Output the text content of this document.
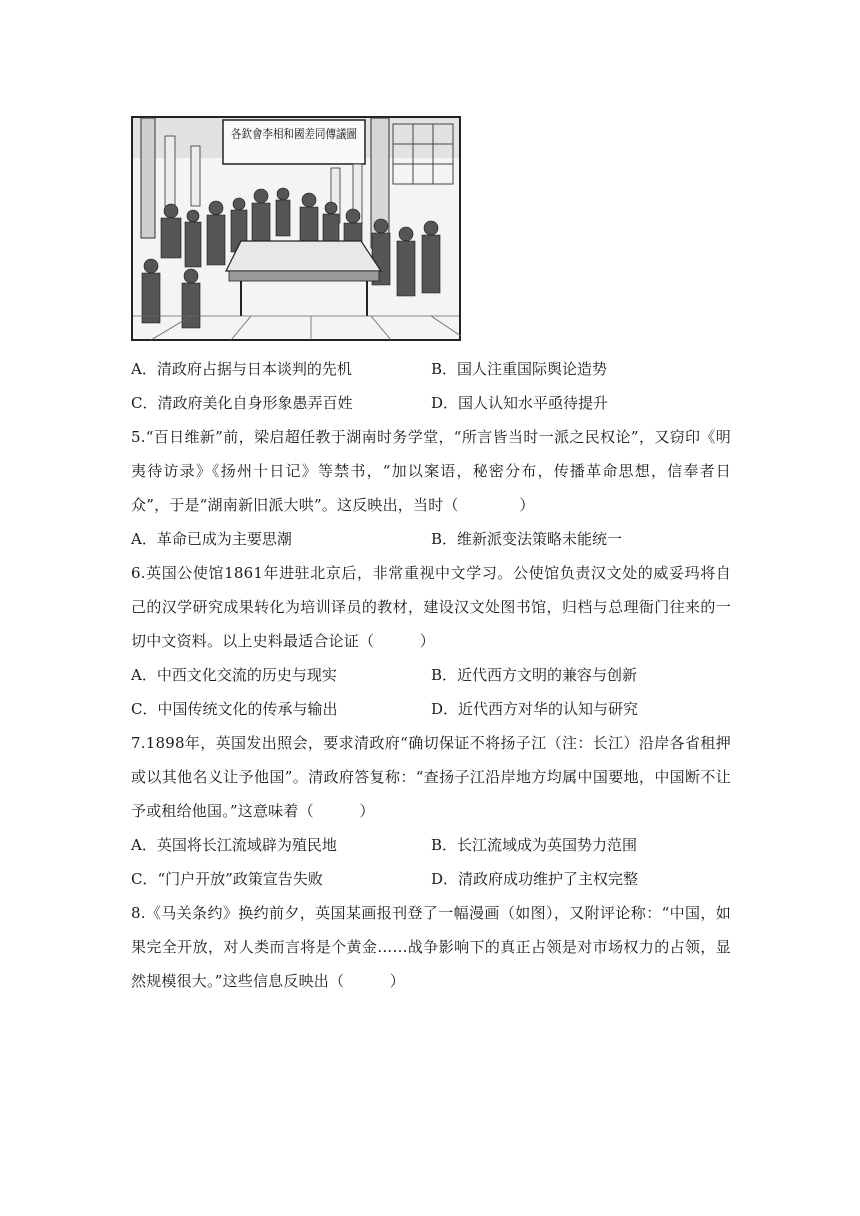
各欽會李相和國差同傳議圖
A．清政府占据与日本谈判的先机	B．国人注重国际舆论造势
C．清政府美化自身形象愚弄百姓	D．国人认知水平亟待提升

5.“百日维新”前，梁启超任教于湖南时务学堂，“所言皆当时一派之民权论”，又窃印《明夷待访录》《扬州十日记》等禁书，“加以案语，秘密分布，传播革命思想，信奉者日众”，于是“湖南新旧派大哄”。这反映出，当时（　　　　）

A．革命已成为主要思潮	B．维新派变法策略未能统一

6.英国公使馆1861年进驻北京后，非常重视中文学习。公使馆负责汉文处的威妥玛将自己的汉学研究成果转化为培训译员的教材，建设汉文处图书馆，归档与总理衙门往来的一切中文资料。以上史料最适合论证（　　　）

A．中西文化交流的历史与现实	B．近代西方文明的兼容与创新
C．中国传统文化的传承与输出	D．近代西方对华的认知与研究

7.1898年，英国发出照会，要求清政府“确切保证不将扬子江（注：长江）沿岸各省租押或以其他名义让予他国”。清政府答复称：“查扬子江沿岸地方均属中国要地，中国断不让予或租给他国。”这意味着（　　　）

A．英国将长江流域辟为殖民地	B．长江流域成为英国势力范围
C．“门户开放”政策宣告失败	D．清政府成功维护了主权完整

8.《马关条约》换约前夕，英国某画报刊登了一幅漫画（如图），又附评论称：“中国，如果完全开放，对人类而言将是个黄金……战争影响下的真正占领是对市场权力的占领，显然规模很大。”这些信息反映出（　　　）
